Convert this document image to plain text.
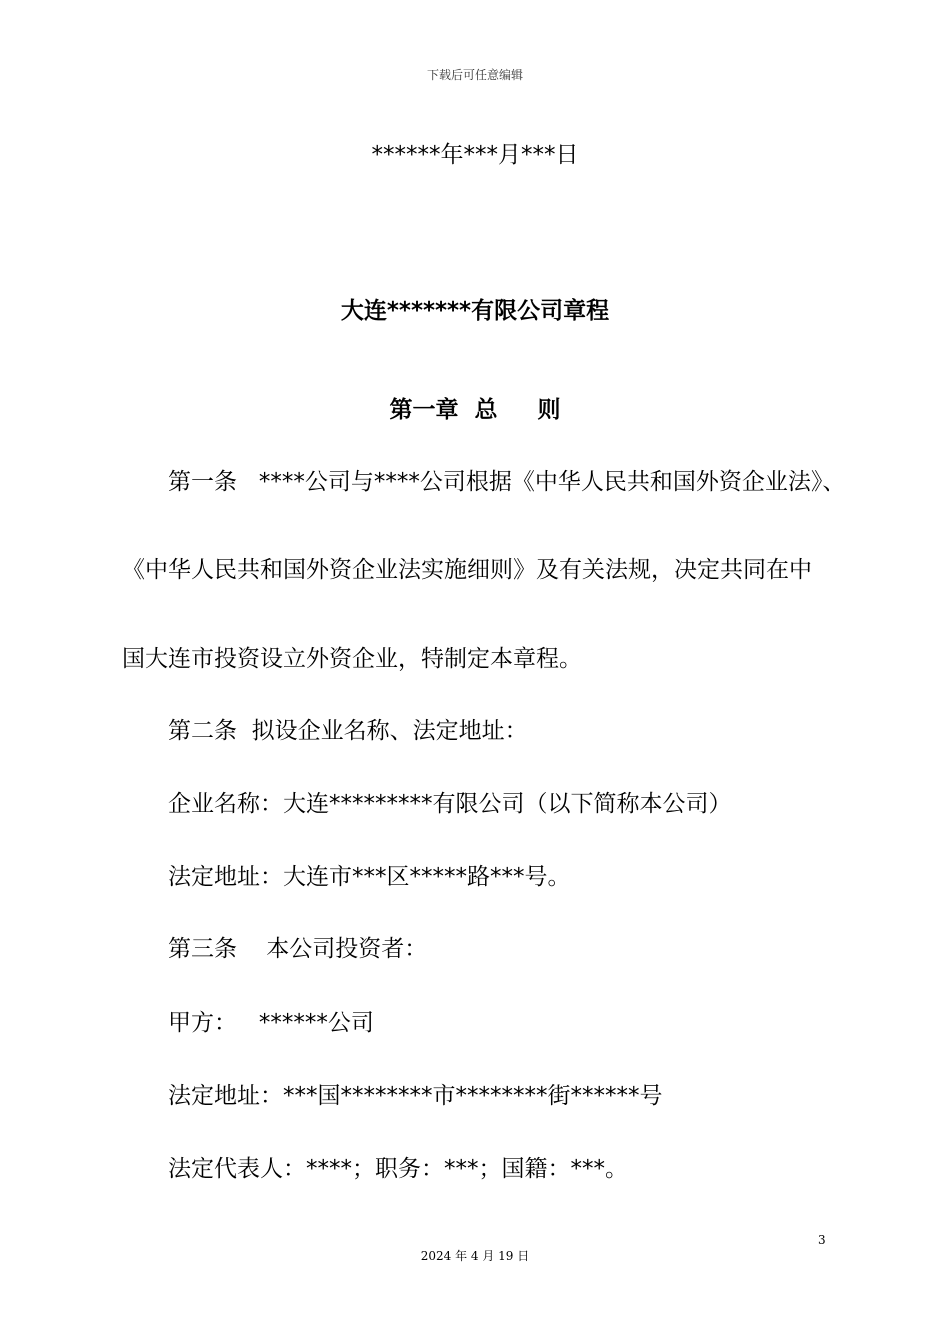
下载后可任意编辑
******年***月***日
大连*******有限公司章程
第一章  总     则
第一条   ****公司与****公司根据《中华人民共和国外资企业法》、
《中华人民共和国外资企业法实施细则》及有关法规，决定共同在中
国大连市投资设立外资企业，特制定本章程。
第二条  拟设企业名称、法定地址：
企业名称：大连*********有限公司（以下简称本公司）
法定地址：大连市***区*****路***号。
第三条    本公司投资者：
甲方：   ******公司
法定地址：***国********市********街******号
法定代表人：****；职务：***；国籍：***。
3
2024 年 4 月 19 日
